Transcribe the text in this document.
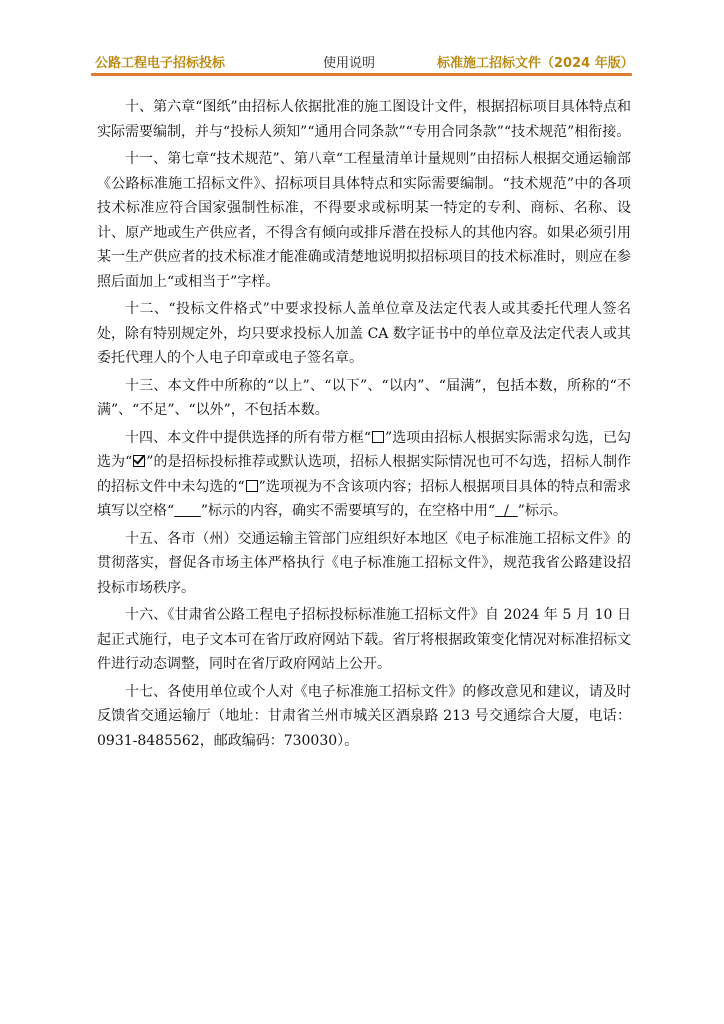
公路工程电子招标投标	使用说明	标准施工招标文件（2024 年版）

十、第六章“图纸”由招标人依据批准的施工图设计文件，根据招标项目具体特点和实际需要编制，并与“投标人须知”“通用合同条款”“专用合同条款”“技术规范”相衔接。

十一、第七章“技术规范”、第八章“工程量清单计量规则”由招标人根据交通运输部《公路标准施工招标文件》、招标项目具体特点和实际需要编制。“技术规范”中的各项技术标准应符合国家强制性标准，不得要求或标明某一特定的专利、商标、名称、设计、原产地或生产供应者，不得含有倾向或排斥潜在投标人的其他内容。如果必须引用某一生产供应者的技术标准才能准确或清楚地说明拟招标项目的技术标准时，则应在参照后面加上“或相当于”字样。

十二、“投标文件格式”中要求投标人盖单位章及法定代表人或其委托代理人签名处，除有特别规定外，均只要求投标人加盖 CA 数字证书中的单位章及法定代表人或其委托代理人的个人电子印章或电子签名章。

十三、本文件中所称的“以上”、“以下”、“以内”、“届满”，包括本数，所称的“不满”、“不足”、“以外”，不包括本数。

十四、本文件中提供选择的所有带方框“ ”选项由招标人根据实际需求勾选，已勾选为“ ”的是招标投标推荐或默认选项，招标人根据实际情况也可不勾选，招标人制作的招标文件中未勾选的“ ”选项视为不含该项内容；招标人根据项目具体的特点和需求填写以空格“ ”标示的内容，确实不需要填写的，在空格中用“  /  ”标示。

十五、各市（州）交通运输主管部门应组织好本地区《电子标准施工招标文件》的贯彻落实，督促各市场主体严格执行《电子标准施工招标文件》，规范我省公路建设招投标市场秩序。

十六、《甘肃省公路工程电子招标投标标准施工招标文件》自 2024 年 5 月 10 日起正式施行，电子文本可在省厅政府网站下载。省厅将根据政策变化情况对标准招标文件进行动态调整，同时在省厅政府网站上公开。

十七、各使用单位或个人对《电子标准施工招标文件》的修改意见和建议，请及时反馈省交通运输厅（地址：甘肃省兰州市城关区酒泉路 213 号交通综合大厦，电话：0931-8485562，邮政编码：730030）。
